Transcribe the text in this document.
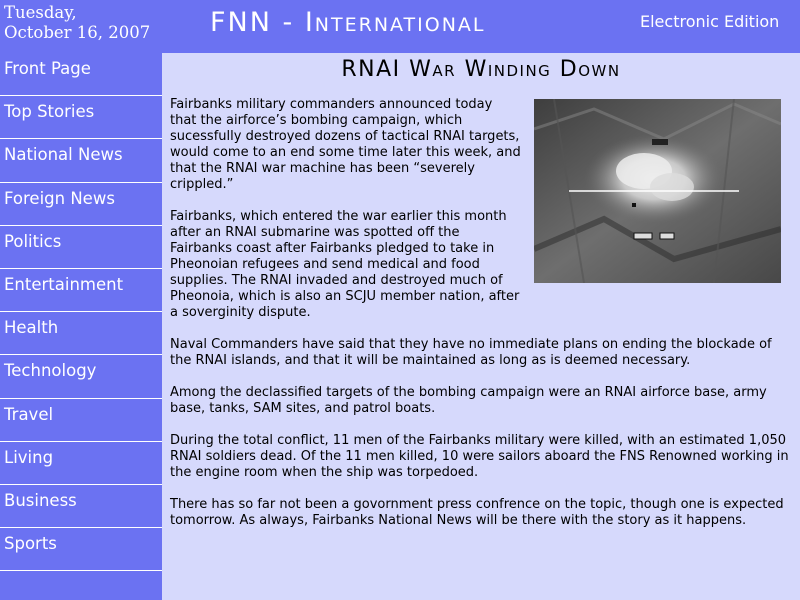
Tuesday,
October 16, 2007 FNN - International	Electronic Edition
Front Page
Top Stories
National News
Foreign News
Politics
Entertainment
Health
Technology
Travel
Living
Business
Sports
RNAI War Winding Down

Fairbanks military commanders announced today that the airforce’s bombing campaign, which sucessfully destroyed dozens of tactical RNAI targets, would come to an end some time later this week, and that the RNAI war machine has been “severely crippled.”

Fairbanks, which entered the war earlier this month after an RNAI submarine was spotted off the Fairbanks coast after Fairbanks pledged to take in Pheonoian refugees and send medical and food supplies. The RNAI invaded and destroyed much of Pheonoia, which is also an SCJU member nation, after a soverginity dispute.

Naval Commanders have said that they have no immediate plans on ending the blockade of the RNAI islands, and that it will be maintained as long as is deemed necessary.

Among the declassified targets of the bombing campaign were an RNAI airforce base, army base, tanks, SAM sites, and patrol boats.

During the total conflict, 11 men of the Fairbanks military were killed, with an estimated 1,050 RNAI soldiers dead. Of the 11 men killed, 10 were sailors aboard the FNS Renowned working in the engine room when the ship was torpedoed.

There has so far not been a govornment press confrence on the topic, though one is expected tomorrow. As always, Fairbanks National News will be there with the story as it happens.
